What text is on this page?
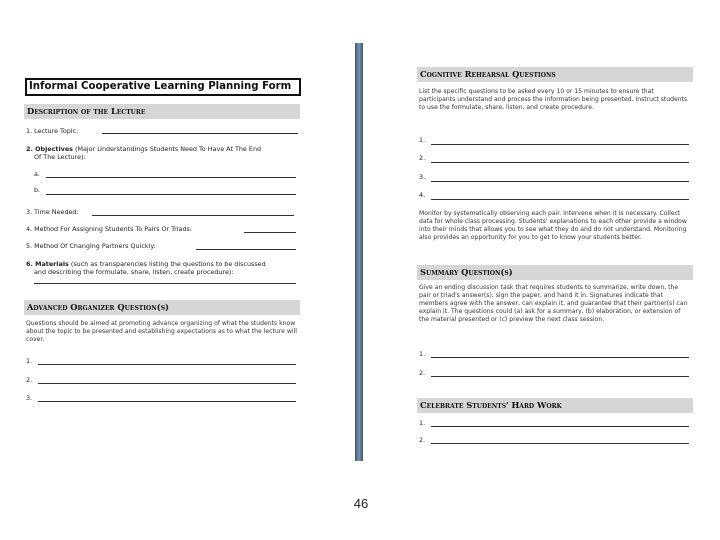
Informal Cooperative Learning Planning Form
Description of the Lecture
1. Lecture Topic:
2. Objectives (Major Understandings Students Need To Have At The End
Of The Lecture):
a.
b.
3. Time Needed:
4. Method For Assigning Students To Pairs Or Triads:
5. Method Of Changing Partners Quickly:
6. Materials (such as transparencies listing the questions to be discussed
and describing the formulate, share, listen, create procedure):
Advanced Organizer Question(s)
Questions should be aimed at promoting advance organizing of what the students know about the topic to be presented and establishing expectations as to what the lecture will cover.
1.
2.
3.
Cognitive Rehearsal Questions
List the specific questions to be asked every 10 or 15 minutes to ensure that participants understand and process the information being presented. Instruct students to use the formulate, share, listen, and create procedure.
1.
2.
3.
4.
Monitor by systematically observing each pair. Intervene when it is necessary. Collect data for whole class processing. Students' explanations to each other provide a window into their minds that allows you to see what they do and do not understand. Monitoring also provides an opportunity for you to get to know your students better.
Summary Question(s)
Give an ending discussion task that requires students to summarize, write down, the pair or triad's answer(s), sign the paper, and hand it in. Signatures indicate that members agree with the answer, can explain it, and guarantee that their partner(s) can explain it. The questions could (a) ask for a summary, (b) elaboration, or extension of the material presented or (c) preview the next class session.
1.
2.
Celebrate Students' Hard Work
1.
2.
46
